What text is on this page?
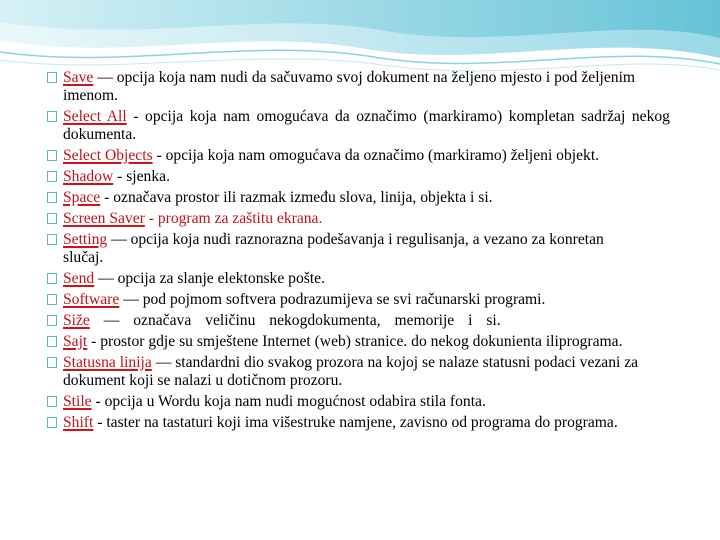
Save — opcija koja nam nudi da sačuvamo svoj dokument na željeno mjesto i pod željenim imenom.
Select All - opcija koja nam omogućava da označimo (markiramo) kompletan sadržaj nekog dokumenta.
Select Objects - opcija koja nam omogućava da označimo (markiramo) željeni objekt.
Shadow - sjenka.
Space - označava prostor ili razmak između slova, linija, objekta i si.
Screen Saver - program za zaštitu ekrana.
Setting — opcija koja nudi raznorazna podešavanja i regulisanja, a vezano za konretan slučaj.
Send — opcija za slanje elektonske pošte.
Software — pod pojmom softvera podrazumijeva se svi računarski programi.
Siže — označava veličinu nekogdokumenta, memorije i si.
Sajt - prostor gdje su smještene Internet (web) stranice. do nekog dokunienta iliprograma.
Statusna linija — standardni dio svakog prozora na kojoj se nalaze statusni podaci vezani za dokument koji se nalazi u dotičnom prozoru.
Stile - opcija u Wordu koja nam nudi mogućnost odabira stila fonta.
Shift - taster na tastaturi koji ima višestruke namjene, zavisno od programa do programa.
